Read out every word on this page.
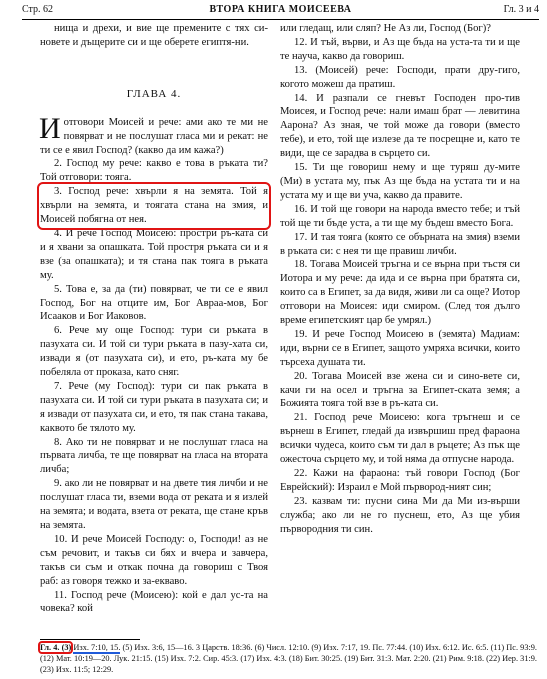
Стр. 62	ВТОРА КНИГА МОИСЕЕВА	Гл. 3 и 4

нища и дрехи, и вие ще премените с тях си-новете и дъщерите си и ще оберете египтя-ни.

ГЛАВА 4.

Иотговори Моисей и рече: ами ако те ми не повярват и не послушат гласа ми и рекат: не ти се е явил Господ? (какво да им кажа?)

2. Господ му рече: какво е това в ръката ти? Той отговори: тояга.

3. Господ рече: хвърли я на земята. Той я хвърли на земята, и тоягата стана на змия, и Моисей побягна от нея.

4. И рече Господ Моисею: простри ръ-ката си и я хвани за опашката. Той простря ръката си и я взе (за опашката); и тя стана пак тояга в ръката му.

5. Това е, за да (ти) повярват, че ти се е явил Господ, Бог на отците им, Бог Авраа-мов, Бог Исааков и Бог Иаковов.

6. Рече му още Господ: тури си ръката в пазухата си. И той си тури ръката в пазу-хата си, извади я (от пазухата си), и ето, ръ-ката му бе побеляла от проказа, като сняг.

7. Рече (му Господ): тури си пак ръката в пазухата си. И той си тури ръката в пазухата си; и я извади от пазухата си, и ето, тя пак стана такава, каквото бе тялото му.

8. Ако ти не повярват и не послушат гласа на първата личба, те ще повярват на гласа на втората личба;

9. ако ли не повярват и на двете тия личби и не послушат гласа ти, вземи вода от реката и я излей на земята; и водата, взета от реката, ще стане кръв на земята.

10. И рече Моисей Господу: о, Господи! аз не съм речовит, и такъв си бях и вчера и завчера, такъв си съм и откак почна да говориш с Твоя раб: аз говоря тежко и за-екваво.

11. Господ рече (Моисею): кой е дал ус-та на човека? кой

или гледащ, или сляп? Не Аз ли, Господ (Бог)?

12. И тъй, върви, и Аз ще бъда на уста-та ти и ще те науча, какво да говориш.

13. (Моисей) рече: Господи, прати дру-гиго, когото можеш да пратиш.

14. И разпали се гневът Господен про-тив Моисея, и Господ рече: нали имаш брат — левитина Аарона? Аз зная, че той може да говори (вместо тебе), и ето, той ще излезе да те посрещне и, като те види, ще се зарадва в сърцето си.

15. Ти ще говориш нему и ще туряш ду-мите (Ми) в устата му, пък Аз ще бъда на устата ти и на устата му и ще ви уча, какво да правите.

16. И той ще говори на народа вместо тебе; и тъй той ще ти бъде уста, а ти ще му бъдеш вместо Бога.

17. И тая тояга (която се обърната на змия) вземи в ръката си: с нея ти ще правиш личби.

18. Тогава Моисей тръгна и се върна при тъстя си Иотора и му рече: да ида и се върна при братята си, които са в Египет, за да видя, живи ли са още? Иотор отговори на Моисея: иди смиром. (След тоя дълго време египетският цар бе умрял.)

19. И рече Господ Моисею в (земята) Мадиам: иди, върни се в Египет, защото умряха всички, които търсеха душата ти.

20. Тогава Моисей взе жена си и сино-вете си, качи ги на осел и тръгна за Египет-ската земя; а Божията тояга той взе в ръ-ката си.

21. Господ рече Моисею: кога тръгнеш и се върнеш в Египет, гледай да извършиш пред фараона всички чудеса, които съм ти дал в ръцете; Аз пък ще ожесточа сърцето му, и той няма да отпусне народа.

22. Кажи на фараона: тъй говори Господ (Бог Еврейский): Израил е Мой първород-ният син;

23. казвам ти: пусни сина Ми да Ми из-върши служба; ако ли не го пуснеш, ето, Аз ще убия първородния ти син.

Гл. 4. (3) Изх. 7:10, 15. (5) Изх. 3:6, 15—16. 3 Царств. 18:36. (6) Числ. 12:10. (9) Изх. 7:17, 19. Пс. 77:44. (10) Изх. 6:12. Ис. 6:5. (11) Пс. 93:9. (12) Мат. 10:19—20. Лук. 21:15. (15) Изх. 7:2. Сир. 45:3. (17) Изх. 4:3. (18) Бит. 30:25. (19) Бит. 31:3. Мат. 2:20. (21) Рим. 9:18. (22) Иер. 31:9. (23) Изх. 11:5; 12:29.
